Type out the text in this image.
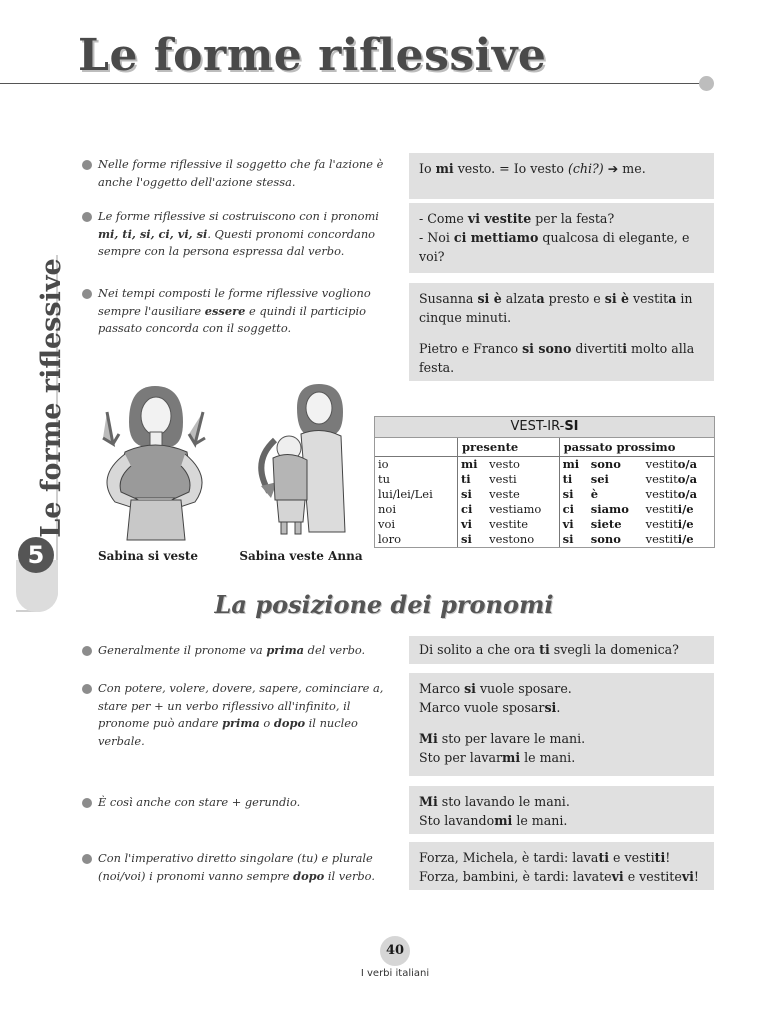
Le forme riflessive
Le forme riflessive
5
Nelle forme riflessive il soggetto che fa l'azione è anche l'oggetto dell'azione stessa.
Le forme riflessive si costruiscono con i pronomi mi, ti, si, ci, vi, si. Questi pronomi concordano sempre con la persona espressa dal verbo.
Nei tempi composti le forme riflessive vogliono sempre l'ausiliare essere e quindi il participio passato concorda con il soggetto.

Io mi vesto. = Io vesto (chi?) ➔ me.

- Come vi vestite per la festa?

- Noi ci mettiamo qualcosa di elegante, e voi?

Susanna si è alzata presto e si è vestita in cinque minuti.

Pietro e Franco si sono divertiti molto alla festa.

Sabina si veste	Sabina veste Anna
VEST-IR-SI
	presente		passato prossimo		
io	mi	vesto	mi	sono	vestito/a
tu	ti	vesti	ti	sei	vestito/a
lui/lei/Lei	si	veste	si	è	vestito/a
noi	ci	vestiamo	ci	siamo	vestiti/e
voi	vi	vestite	vi	siete	vestiti/e
loro	si	vestono	si	sono	vestiti/e
La posizione dei pronomi
Generalmente il pronome va prima del verbo.
Con potere, volere, dovere, sapere, cominciare a, stare per + un verbo riflessivo all'infinito, il pronome può andare prima o dopo il nucleo verbale.
È così anche con stare + gerundio.
Con l'imperativo diretto singolare (tu) e plurale (noi/voi) i pronomi vanno sempre dopo il verbo.

Di solito a che ora ti svegli la domenica?

Marco si vuole sposare.

Marco vuole sposarsi.

Mi sto per lavare le mani.

Sto per lavarmi le mani.

Mi sto lavando le mani.

Sto lavandomi le mani.

Forza, Michela, è tardi: lavati e vestiti!

Forza, bambini, è tardi: lavatevi e vestitevi!

40
I verbi italiani
